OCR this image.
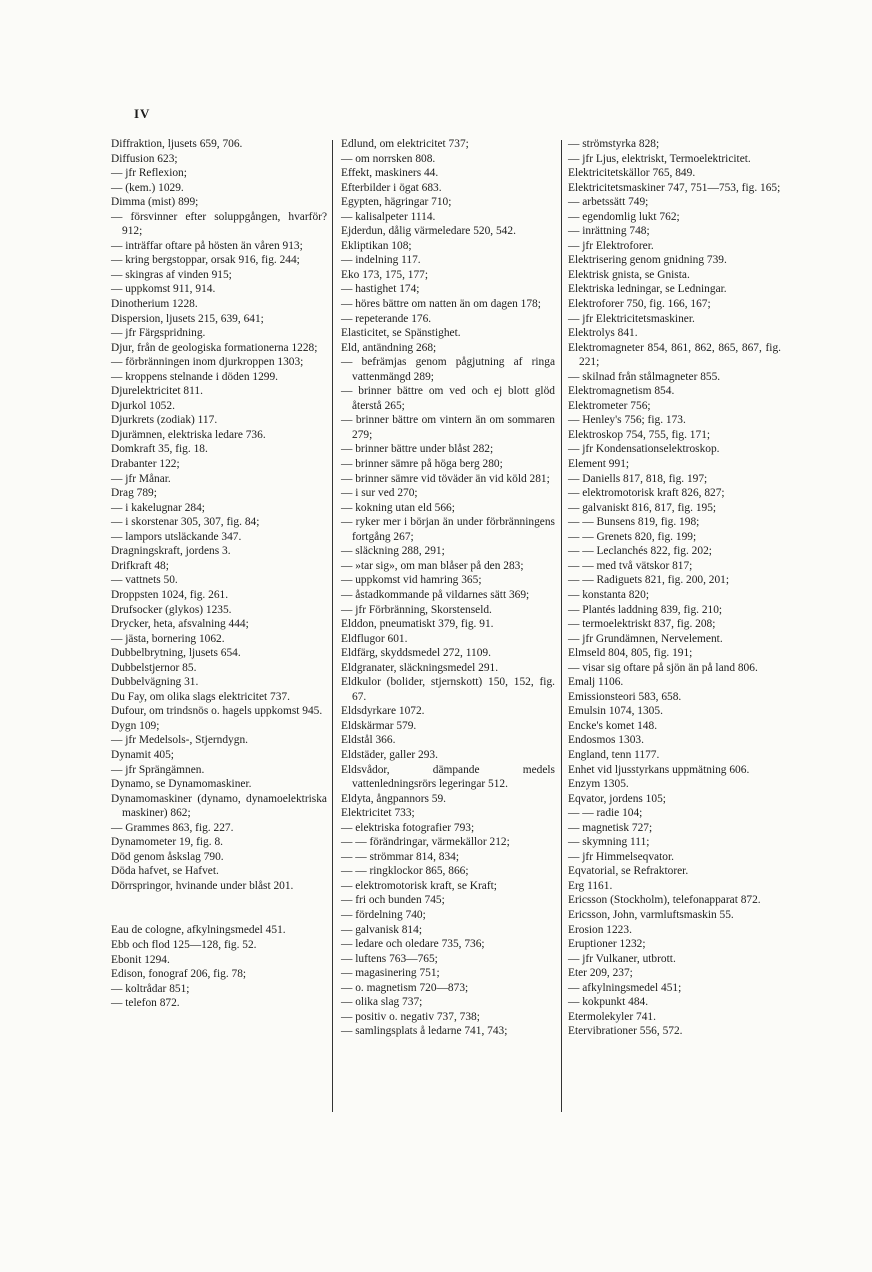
IV

Diffraktion, ljusets 659, 706.

Diffusion 623;

— jfr Reflexion;

— (kem.) 1029.

Dimma (mist) 899;

— försvinner efter soluppgången, hvarför? 912;

— inträffar oftare på hösten än våren 913;

— kring bergstoppar, orsak 916, fig. 244;

— skingras af vinden 915;

— uppkomst 911, 914.

Dinotherium 1228.

Dispersion, ljusets 215, 639, 641;

— jfr Färgspridning.

Djur, från de geologiska formationerna 1228;

— förbränningen inom djurkroppen 1303;

— kroppens stelnande i döden 1299.

Djurelektricitet 811.

Djurkol 1052.

Djurkrets (zodiak) 117.

Djurämnen, elektriska ledare 736.

Domkraft 35, fig. 18.

Drabanter 122;

— jfr Månar.

Drag 789;

— i kakelugnar 284;

— i skorstenar 305, 307, fig. 84;

— lampors utsläckande 347.

Dragningskraft, jordens 3.

Drifkraft 48;

— vattnets 50.

Droppsten 1024, fig. 261.

Drufsocker (glykos) 1235.

Drycker, heta, afsvalning 444;

— jästa, bornering 1062.

Dubbelbrytning, ljusets 654.

Dubbelstjernor 85.

Dubbelvägning 31.

Du Fay, om olika slags elektricitet 737.

Dufour, om trindsnös o. hagels uppkomst 945.

Dygn 109;

— jfr Medelsols-, Stjerndygn.

Dynamit 405;

— jfr Sprängämnen.

Dynamo, se Dynamomaskiner.

Dynamomaskiner (dynamo, dynamoelektriska maskiner) 862;

— Grammes 863, fig. 227.

Dynamometer 19, fig. 8.

Död genom åskslag 790.

Döda hafvet, se Hafvet.

Dörrspringor, hvinande under blåst 201.

Eau de cologne, afkylningsmedel 451.

Ebb och flod 125—128, fig. 52.

Ebonit 1294.

Edison, fonograf 206, fig. 78;

— koltrådar 851;

— telefon 872.

Edlund, om elektricitet 737;

— om norrsken 808.

Effekt, maskiners 44.

Efterbilder i ögat 683.

Egypten, hägringar 710;

— kalisalpeter 1114.

Ejderdun, dålig värmeledare 520, 542.

Ekliptikan 108;

— indelning 117.

Eko 173, 175, 177;

— hastighet 174;

— höres bättre om natten än om dagen 178;

— repeterande 176.

Elasticitet, se Spänstighet.

Eld, antändning 268;

— befrämjas genom pågjutning af ringa vattenmängd 289;

— brinner bättre om ved och ej blott glöd återstå 265;

— brinner bättre om vintern än om sommaren 279;

— brinner bättre under blåst 282;

— brinner sämre på höga berg 280;

— brinner sämre vid töväder än vid köld 281;

— i sur ved 270;

— kokning utan eld 566;

— ryker mer i början än under förbränningens fortgång 267;

— släckning 288, 291;

— »tar sig», om man blåser på den 283;

— uppkomst vid hamring 365;

— åstadkommande på vildarnes sätt 369;

— jfr Förbränning, Skorstenseld.

Elddon, pneumatiskt 379, fig. 91.

Eldflugor 601.

Eldfärg, skyddsmedel 272, 1109.

Eldgranater, släckningsmedel 291.

Eldkulor (bolider, stjernskott) 150, 152, fig. 67.

Eldsdyrkare 1072.

Eldskärmar 579.

Eldstål 366.

Eldstäder, galler 293.

Eldsvådor, dämpande medels vattenledningsrörs legeringar 512.

Eldyta, ångpannors 59.

Elektricitet 733;

— elektriska fotografier 793;

— — förändringar, värmekällor 212;

— — strömmar 814, 834;

— — ringklockor 865, 866;

— elektromotorisk kraft, se Kraft;

— fri och bunden 745;

— fördelning 740;

— galvanisk 814;

— ledare och oledare 735, 736;

— luftens 763—765;

— magasinering 751;

— o. magnetism 720—873;

— olika slag 737;

— positiv o. negativ 737, 738;

— samlingsplats å ledarne 741, 743;

— strömstyrka 828;

— jfr Ljus, elektriskt, Termoelektricitet.

Elektricitetskällor 765, 849.

Elektricitetsmaskiner 747, 751—753, fig. 165;

— arbetssätt 749;

— egendomlig lukt 762;

— inrättning 748;

— jfr Elektroforer.

Elektrisering genom gnidning 739.

Elektrisk gnista, se Gnista.

Elektriska ledningar, se Ledningar.

Elektroforer 750, fig. 166, 167;

— jfr Elektricitetsmaskiner.

Elektrolys 841.

Elektromagneter 854, 861, 862, 865, 867, fig. 221;

— skilnad från stålmagneter 855.

Elektromagnetism 854.

Elektrometer 756;

— Henley's 756; fig. 173.

Elektroskop 754, 755, fig. 171;

— jfr Kondensationselektroskop.

Element 991;

— Daniells 817, 818, fig. 197;

— elektromotorisk kraft 826, 827;

— galvaniskt 816, 817, fig. 195;

— — Bunsens 819, fig. 198;

— — Grenets 820, fig. 199;

— — Leclanchés 822, fig. 202;

— — med två vätskor 817;

— — Radiguets 821, fig. 200, 201;

— konstanta 820;

— Plantés laddning 839, fig. 210;

— termoelektriskt 837, fig. 208;

— jfr Grundämnen, Nervelement.

Elmseld 804, 805, fig. 191;

— visar sig oftare på sjön än på land 806.

Emalj 1106.

Emissionsteori 583, 658.

Emulsin 1074, 1305.

Encke's komet 148.

Endosmos 1303.

England, tenn 1177.

Enhet vid ljusstyrkans uppmätning 606.

Enzym 1305.

Eqvator, jordens 105;

— — radie 104;

— magnetisk 727;

— skymning 111;

— jfr Himmelseqvator.

Eqvatorial, se Refraktorer.

Erg 1161.

Ericsson (Stockholm), telefonapparat 872.

Ericsson, John, varmluftsmaskin 55.

Erosion 1223.

Eruptioner 1232;

— jfr Vulkaner, utbrott.

Eter 209, 237;

— afkylningsmedel 451;

— kokpunkt 484.

Etermolekyler 741.

Etervibrationer 556, 572.
